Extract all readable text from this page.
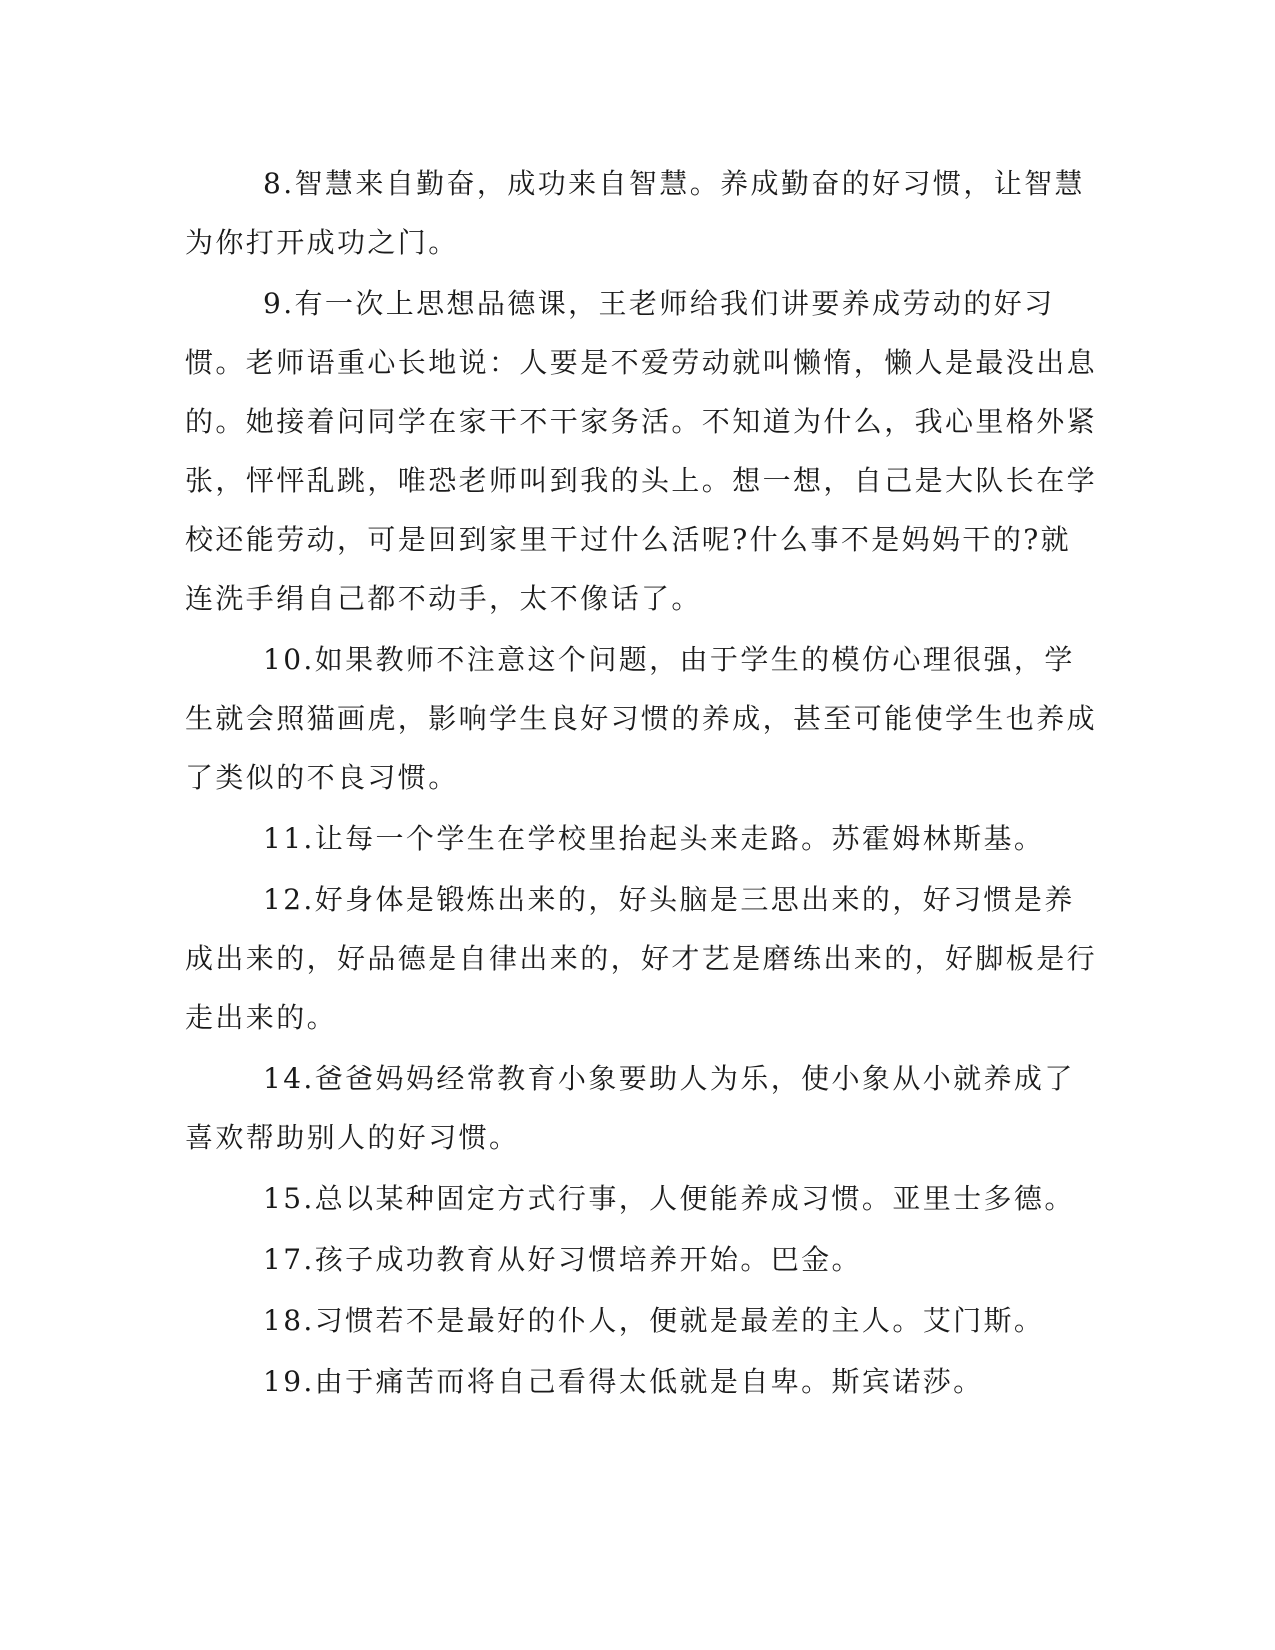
8.智慧来自勤奋，成功来自智慧。养成勤奋的好习惯，让智慧为你打开成功之门。

9.有一次上思想品德课，王老师给我们讲要养成劳动的好习惯。老师语重心长地说：人要是不爱劳动就叫懒惰，懒人是最没出息的。她接着问同学在家干不干家务活。不知道为什么，我心里格外紧张，怦怦乱跳，唯恐老师叫到我的头上。想一想，自己是大队长在学校还能劳动，可是回到家里干过什么活呢?什么事不是妈妈干的?就连洗手绢自己都不动手，太不像话了。

10.如果教师不注意这个问题，由于学生的模仿心理很强，学生就会照猫画虎，影响学生良好习惯的养成，甚至可能使学生也养成了类似的不良习惯。

11.让每一个学生在学校里抬起头来走路。苏霍姆林斯基。

12.好身体是锻炼出来的，好头脑是三思出来的，好习惯是养成出来的，好品德是自律出来的，好才艺是磨练出来的，好脚板是行走出来的。

14.爸爸妈妈经常教育小象要助人为乐，使小象从小就养成了喜欢帮助别人的好习惯。

15.总以某种固定方式行事，人便能养成习惯。亚里士多德。

17.孩子成功教育从好习惯培养开始。巴金。

18.习惯若不是最好的仆人，便就是最差的主人。艾门斯。

19.由于痛苦而将自己看得太低就是自卑。斯宾诺莎。
